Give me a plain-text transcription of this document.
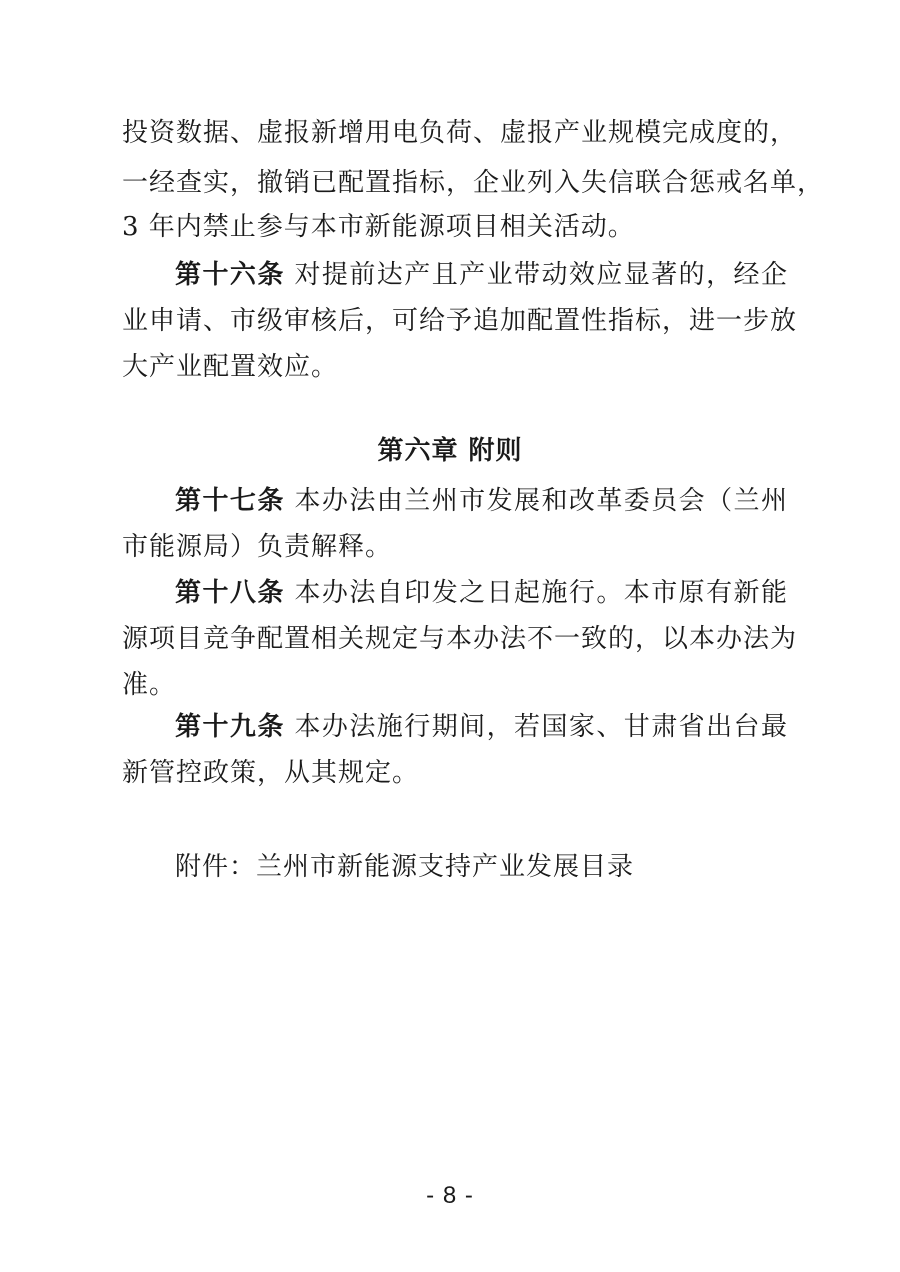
投资数据、虚报新增用电负荷、虚报产业规模完成度的，
一经查实，撤销已配置指标，企业列入失信联合惩戒名单，
3 年内禁止参与本市新能源项目相关活动。
第十六条 对提前达产且产业带动效应显著的，经企
业申请、市级审核后，可给予追加配置性指标，进一步放
大产业配置效应。
第六章 附则
第十七条 本办法由兰州市发展和改革委员会（兰州
市能源局）负责解释。
第十八条 本办法自印发之日起施行。本市原有新能
源项目竞争配置相关规定与本办法不一致的，以本办法为
准。
第十九条 本办法施行期间，若国家、甘肃省出台最
新管控政策，从其规定。
附件：兰州市新能源支持产业发展目录
- 8 -
